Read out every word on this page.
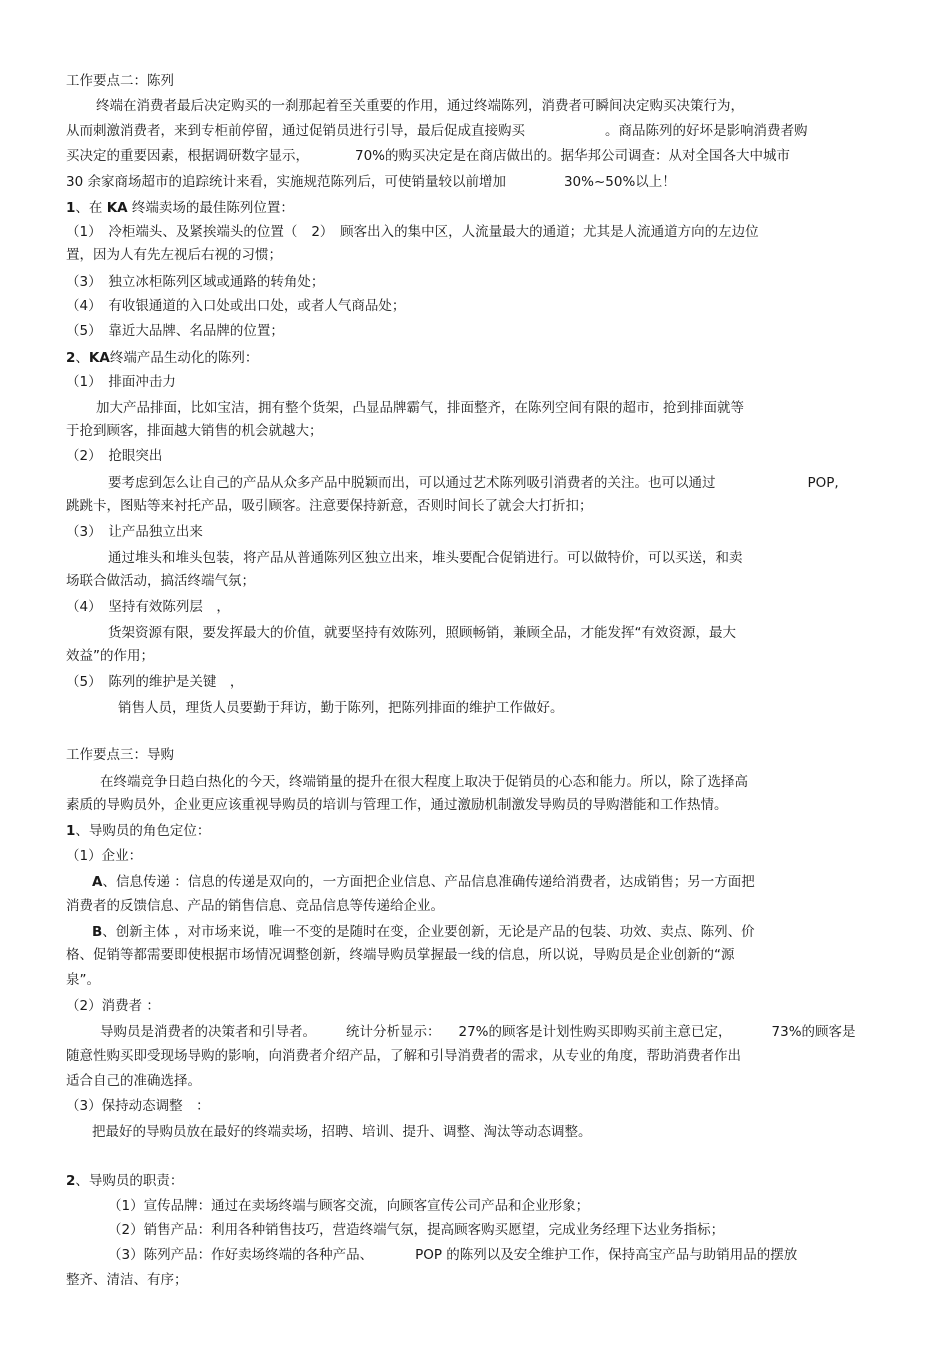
工作要点二：陈列
终端在消费者最后决定购买的一刹那起着至关重要的作用，通过终端陈列，消费者可瞬间决定购买决策行为，
从而刺激消费者，来到专柜前停留，通过促销员进行引导，最后促成直接购买	。商品陈列的好坏是影响消费者购
买决定的重要因素，根据调研数字显示，	70%的购买决定是在商店做出的。据华邦公司调查：从对全国各大中城市
30 余家商场超市的追踪统计来看，实施规范陈列后，可使销量较以前增加	30%~50%以上！
1、在 KA 终端卖场的最佳陈列位置：
（1）　冷柜端头、及紧挨端头的位置（ 2）　顾客出入的集中区，人流量最大的通道；尤其是人流通道方向的左边位
置，因为人有先左视后右视的习惯；
（3）　独立冰柜陈列区域或通路的转角处；
（4）　有收银通道的入口处或出口处，或者人气商品处；
（5）　靠近大品牌、名品牌的位置；
2、KA终端产品生动化的陈列：
（1）　排面冲击力
加大产品排面，比如宝洁，拥有整个货架，凸显品牌霸气，排面整齐，在陈列空间有限的超市，抢到排面就等
于抢到顾客，排面越大销售的机会就越大；
（2）　抢眼突出
要考虑到怎么让自己的产品从众多产品中脱颖而出，可以通过艺术陈列吸引消费者的关注。也可以通过	POP,
跳跳卡，图贴等来衬托产品，吸引顾客。注意要保持新意，否则时间长了就会大打折扣；
（3）　让产品独立出来
通过堆头和堆头包装，将产品从普通陈列区独立出来，堆头要配合促销进行。可以做特价，可以买送，和卖
场联合做活动，搞活终端气氛；
（4）　坚持有效陈列层　，
货架资源有限，要发挥最大的价值，就要坚持有效陈列，照顾畅销，兼顾全品，才能发挥“有效资源，最大
效益”的作用；
（5）　陈列的维护是关键　，
销售人员，理货人员要勤于拜访，勤于陈列，把陈列排面的维护工作做好。
工作要点三：导购
在终端竞争日趋白热化的今天，终端销量的提升在很大程度上取决于促销员的心态和能力。所以，除了选择高
素质的导购员外，企业更应该重视导购员的培训与管理工作，通过激励机制激发导购员的导购潜能和工作热情。
1、导购员的角色定位：
（1）企业：
A、信息传递 ：信息的传递是双向的，一方面把企业信息、产品信息准确传递给消费者，达成销售；另一方面把
消费者的反馈信息、产品的销售信息、竞品信息等传递给企业。
B、创新主体 ，对市场来说，唯一不变的是随时在变，企业要创新，无论是产品的包装、功效、卖点、陈列、价
格、促销等都需要即使根据市场情况调整创新，终端导购员掌握最一线的信息，所以说，导购员是企业创新的“源
泉”。
（2）消费者 ：
导购员是消费者的决策者和引导者。 统计分析显示： 27%的顾客是计划性购买即购买前主意已定，	73%的顾客是
随意性购买即受现场导购的影响，向消费者介绍产品，了解和引导消费者的需求，从专业的角度，帮助消费者作出
适合自己的准确选择。
（3）保持动态调整　：
把最好的导购员放在最好的终端卖场，招聘、培训、提升、调整、淘汰等动态调整。
2、导购员的职责：
（1）宣传品牌：通过在卖场终端与顾客交流，向顾客宣传公司产品和企业形象；
（2）销售产品：利用各种销售技巧，营造终端气氛，提高顾客购买愿望，完成业务经理下达业务指标；
（3）陈列产品：作好卖场终端的各种产品、	POP 的陈列以及安全维护工作，保持高宝产品与助销用品的摆放
整齐、清洁、有序；
